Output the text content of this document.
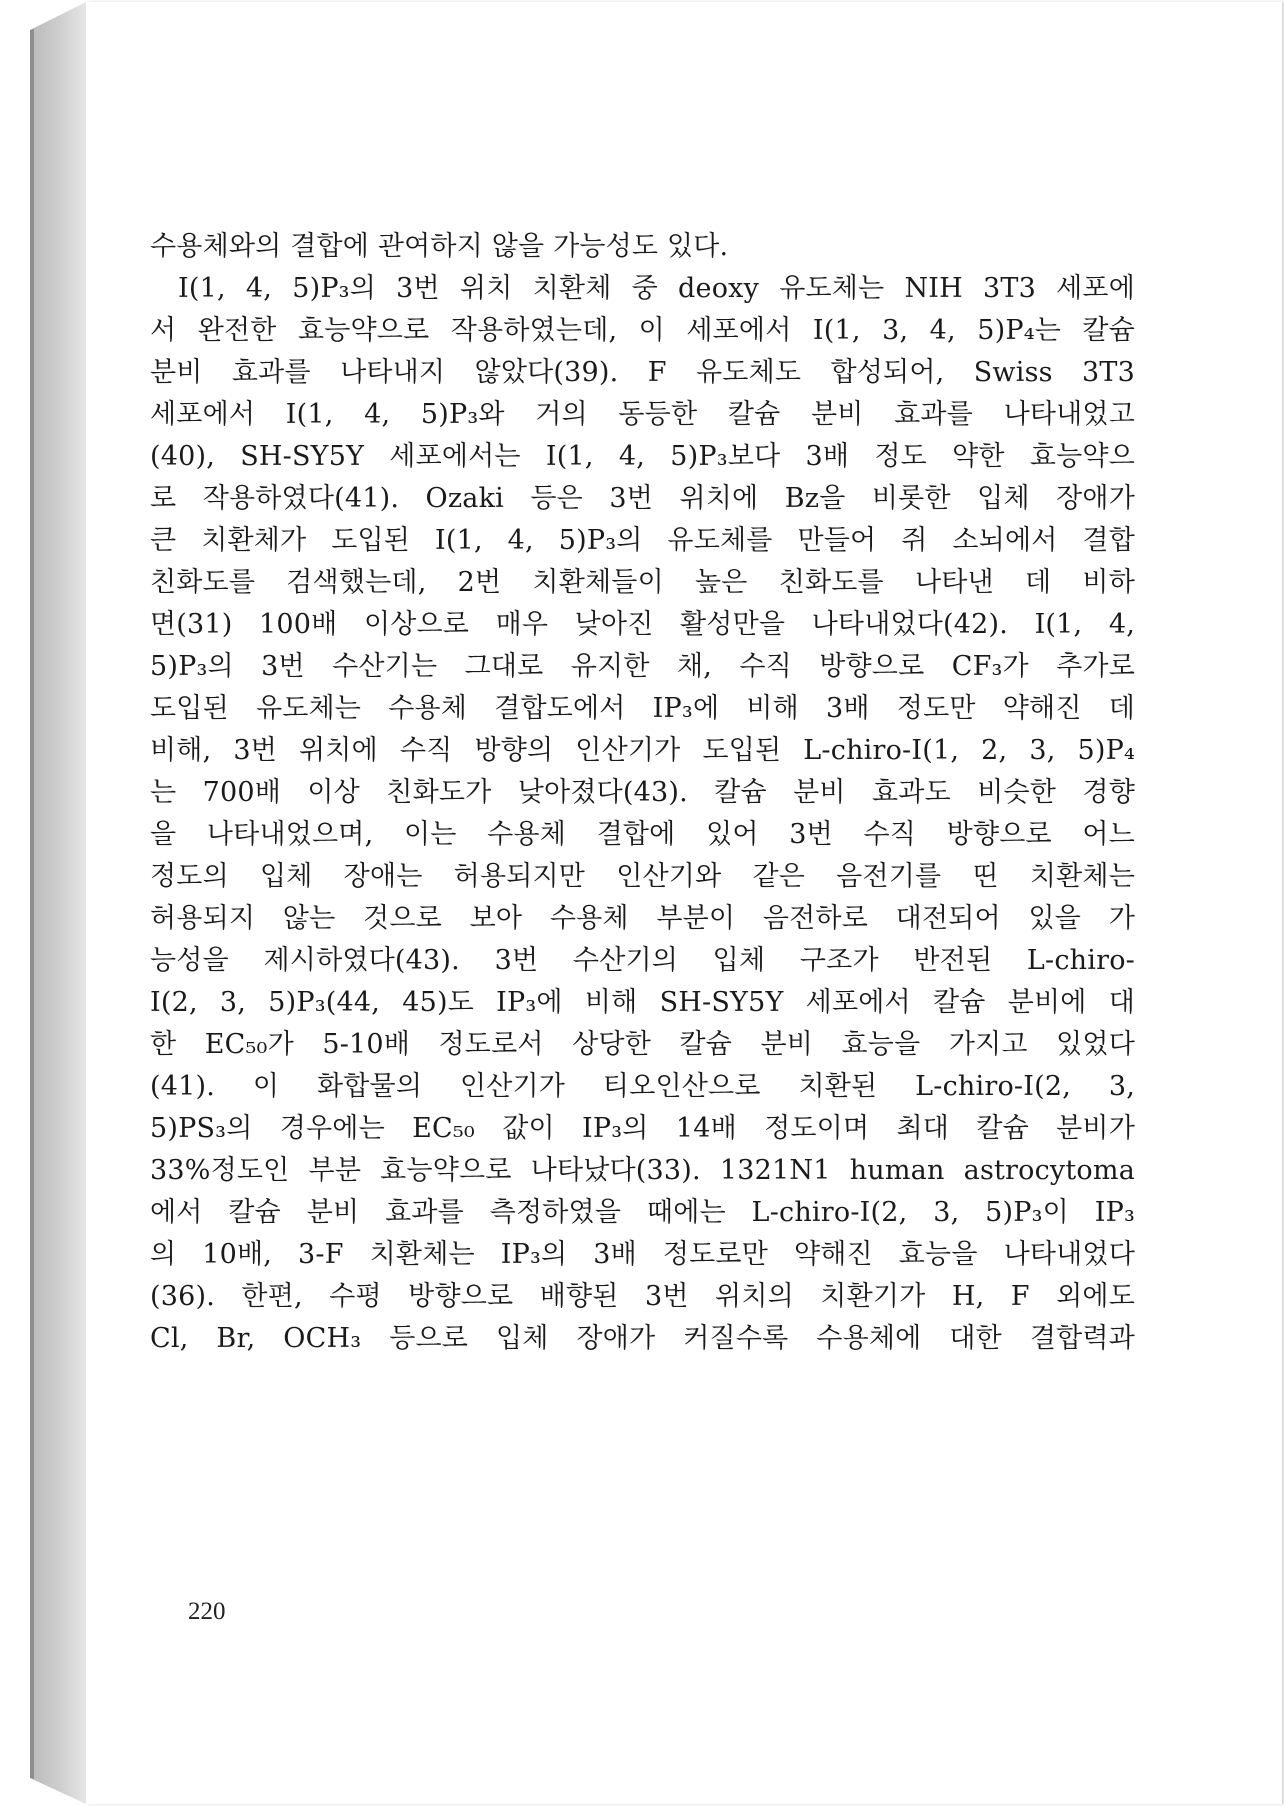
수용체와의 결합에 관여하지 않을 가능성도 있다.
I(1, 4, 5)P₃의 3번 위치 치환체 중 deoxy 유도체는 NIH 3T3 세포에
서 완전한 효능약으로 작용하였는데, 이 세포에서 I(1, 3, 4, 5)P₄는 칼슘
분비 효과를 나타내지 않았다(39). F 유도체도 합성되어, Swiss 3T3
세포에서 I(1, 4, 5)P₃와 거의 동등한 칼슘 분비 효과를 나타내었고
(40), SH-SY5Y 세포에서는 I(1, 4, 5)P₃보다 3배 정도 약한 효능약으
로 작용하였다(41). Ozaki 등은 3번 위치에 Bz을 비롯한 입체 장애가
큰 치환체가 도입된 I(1, 4, 5)P₃의 유도체를 만들어 쥐 소뇌에서 결합
친화도를 검색했는데, 2번 치환체들이 높은 친화도를 나타낸 데 비하
면(31) 100배 이상으로 매우 낮아진 활성만을 나타내었다(42). I(1, 4,
5)P₃의 3번 수산기는 그대로 유지한 채, 수직 방향으로 CF₃가 추가로
도입된 유도체는 수용체 결합도에서 IP₃에 비해 3배 정도만 약해진 데
비해, 3번 위치에 수직 방향의 인산기가 도입된 L-chiro-I(1, 2, 3, 5)P₄
는 700배 이상 친화도가 낮아졌다(43). 칼슘 분비 효과도 비슷한 경향
을 나타내었으며, 이는 수용체 결합에 있어 3번 수직 방향으로 어느
정도의 입체 장애는 허용되지만 인산기와 같은 음전기를 띤 치환체는
허용되지 않는 것으로 보아 수용체 부분이 음전하로 대전되어 있을 가
능성을 제시하였다(43). 3번 수산기의 입체 구조가 반전된 L-chiro-
I(2, 3, 5)P₃(44, 45)도 IP₃에 비해 SH-SY5Y 세포에서 칼슘 분비에 대
한 EC₅₀가 5-10배 정도로서 상당한 칼슘 분비 효능을 가지고 있었다
(41). 이 화합물의 인산기가 티오인산으로 치환된 L-chiro-I(2, 3,
5)PS₃의 경우에는 EC₅₀ 값이 IP₃의 14배 정도이며 최대 칼슘 분비가
33%정도인 부분 효능약으로 나타났다(33). 1321N1 human astrocytoma
에서 칼슘 분비 효과를 측정하였을 때에는 L-chiro-I(2, 3, 5)P₃이 IP₃
의 10배, 3-F 치환체는 IP₃의 3배 정도로만 약해진 효능을 나타내었다
(36). 한편, 수평 방향으로 배향된 3번 위치의 치환기가 H, F 외에도
Cl, Br, OCH₃ 등으로 입체 장애가 커질수록 수용체에 대한 결합력과
220
